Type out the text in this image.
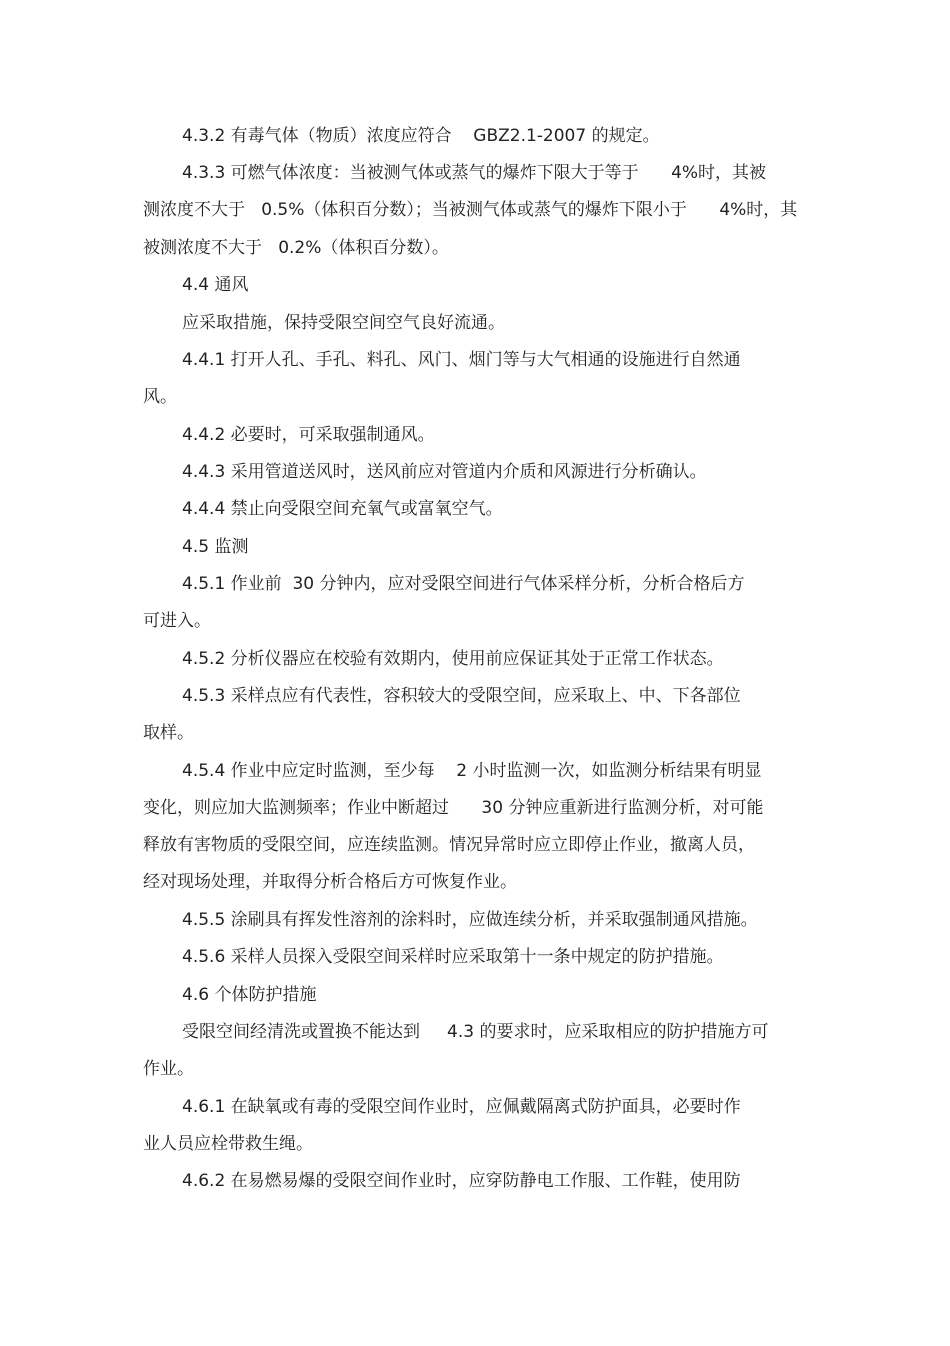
4.3.2 有毒气体（物质）浓度应符合    GBZ2.1-2007 的规定。
4.3.3 可燃气体浓度：当被测气体或蒸气的爆炸下限大于等于      4%时，其被
测浓度不大于   0.5%（体积百分数）；当被测气体或蒸气的爆炸下限小于      4%时，其
被测浓度不大于   0.2%（体积百分数）。
4.4 通风
应采取措施，保持受限空间空气良好流通。
4.4.1 打开人孔、手孔、料孔、风门、烟门等与大气相通的设施进行自然通
风。
4.4.2 必要时，可采取强制通风。
4.4.3 采用管道送风时，送风前应对管道内介质和风源进行分析确认。
4.4.4 禁止向受限空间充氧气或富氧空气。
4.5 监测
4.5.1 作业前  30 分钟内，应对受限空间进行气体采样分析，分析合格后方
可进入。
4.5.2 分析仪器应在校验有效期内，使用前应保证其处于正常工作状态。
4.5.3 采样点应有代表性，容积较大的受限空间，应采取上、中、下各部位
取样。
4.5.4 作业中应定时监测，至少每    2 小时监测一次，如监测分析结果有明显
变化，则应加大监测频率；作业中断超过      30 分钟应重新进行监测分析，对可能
释放有害物质的受限空间，应连续监测。情况异常时应立即停止作业，撤离人员，
经对现场处理，并取得分析合格后方可恢复作业。
4.5.5 涂刷具有挥发性溶剂的涂料时，应做连续分析，并采取强制通风措施。
4.5.6 采样人员探入受限空间采样时应采取第十一条中规定的防护措施。
4.6 个体防护措施
受限空间经清洗或置换不能达到     4.3 的要求时，应采取相应的防护措施方可
作业。
4.6.1 在缺氧或有毒的受限空间作业时，应佩戴隔离式防护面具，必要时作
业人员应栓带救生绳。
4.6.2 在易燃易爆的受限空间作业时，应穿防静电工作服、工作鞋，使用防
